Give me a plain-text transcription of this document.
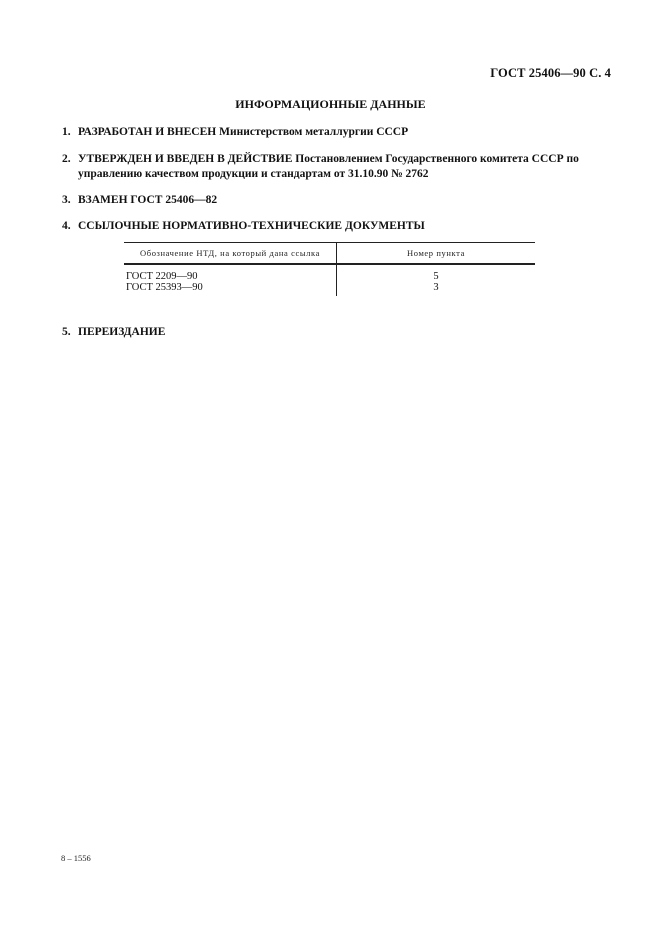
ГОСТ 25406—90 С. 4
ИНФОРМАЦИОННЫЕ ДАННЫЕ
1. РАЗРАБОТАН И ВНЕСЕН Министерством металлургии СССР
2. УТВЕРЖДЕН И ВВЕДЕН В ДЕЙСТВИЕ Постановлением Государственного комитета СССР по
управлению качеством продукции и стандартам от 31.10.90 № 2762
3. ВЗАМЕН ГОСТ 25406—82
4. ССЫЛОЧНЫЕ НОРМАТИВНО-ТЕХНИЧЕСКИЕ ДОКУМЕНТЫ
Обозначение НТД, на который дана ссылка	Номер пункта
ГОСТ 2209—90	5
ГОСТ 25393—90	3
5. ПЕРЕИЗДАНИЕ
8 – 1556
